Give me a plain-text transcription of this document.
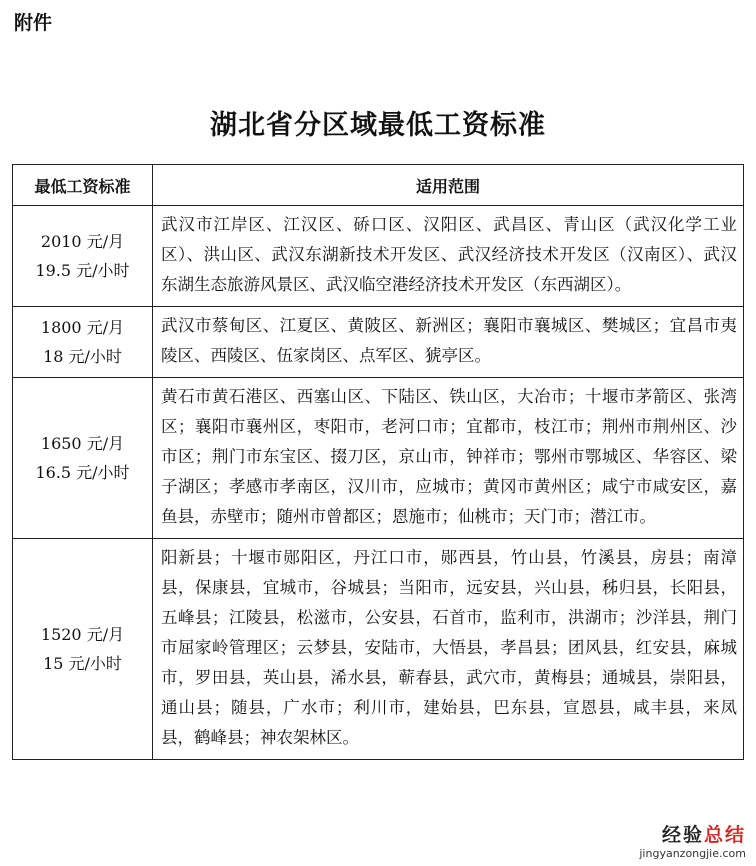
附件
湖北省分区域最低工资标准
最低工资标准	适用范围

2010 元/月
19.5 元/小时	武汉市江岸区、江汉区、硚口区、汉阳区、武昌区、青山区（武汉化学工业区）、洪山区、武汉东湖新技术开发区、武汉经济技术开发区（汉南区）、武汉东湖生态旅游风景区、武汉临空港经济技术开发区（东西湖区）。

1800 元/月
18 元/小时	武汉市蔡甸区、江夏区、黄陂区、新洲区；襄阳市襄城区、樊城区；宜昌市夷陵区、西陵区、伍家岗区、点军区、猇亭区。

1650 元/月
16.5 元/小时	黄石市黄石港区、西塞山区、下陆区、铁山区，大冶市；十堰市茅箭区、张湾区；襄阳市襄州区，枣阳市，老河口市；宜都市，枝江市；荆州市荆州区、沙市区；荆门市东宝区、掇刀区，京山市，钟祥市；鄂州市鄂城区、华容区、梁子湖区；孝感市孝南区，汉川市，应城市；黄冈市黄州区；咸宁市咸安区，嘉鱼县，赤壁市；随州市曾都区；恩施市；仙桃市；天门市；潜江市。

1520 元/月
15 元/小时	阳新县；十堰市郧阳区，丹江口市，郧西县，竹山县，竹溪县，房县；南漳县，保康县，宜城市，谷城县；当阳市，远安县，兴山县，秭归县，长阳县，五峰县；江陵县，松滋市，公安县，石首市，监利市，洪湖市；沙洋县，荆门市屈家岭管理区；云梦县，安陆市，大悟县，孝昌县；团风县，红安县，麻城市，罗田县，英山县，浠水县，蕲春县，武穴市，黄梅县；通城县，崇阳县，通山县；随县，广水市；利川市，建始县，巴东县，宣恩县，咸丰县，来凤县，鹤峰县；神农架林区。
经验总结
jingyanzongjie.com
